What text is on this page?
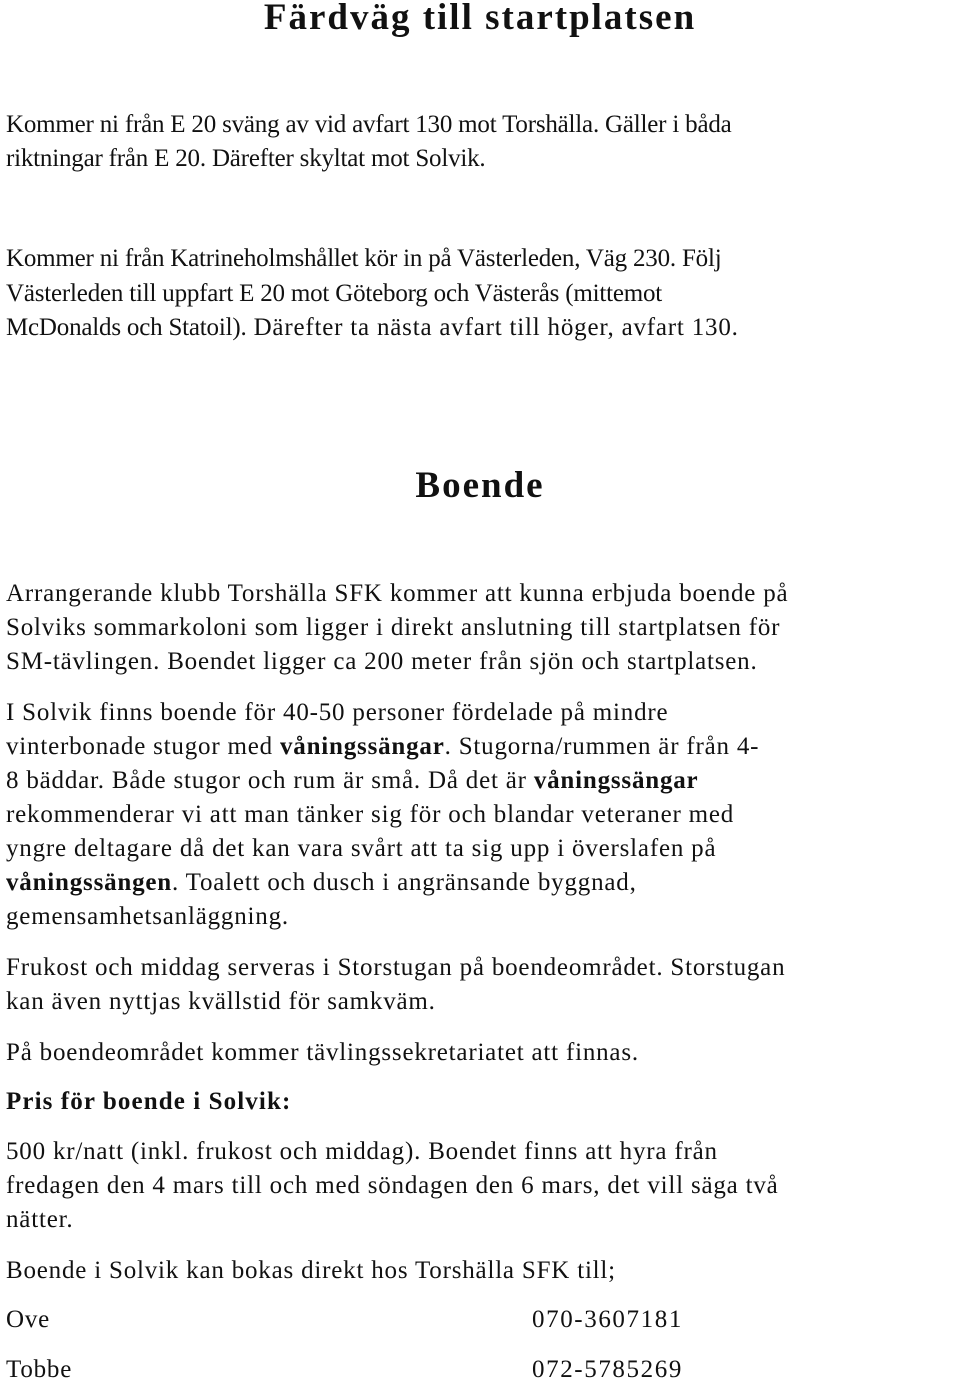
Färdväg till startplatsen
Kommer ni från E 20 sväng av vid avfart 130 mot Torshälla. Gäller i båda
riktningar från E 20. Därefter skyltat mot Solvik.
Kommer ni från Katrineholmshållet kör in på Västerleden, Väg 230. Följ
Västerleden till uppfart E 20 mot Göteborg och Västerås (mittemot
McDonalds och Statoil). Därefter ta nästa avfart till höger, avfart 130.
Boende
Arrangerande klubb Torshälla SFK kommer att kunna erbjuda boende på
Solviks sommarkoloni som ligger i direkt anslutning till startplatsen för
SM-tävlingen. Boendet ligger ca 200 meter från sjön och startplatsen.
I Solvik finns boende för 40-50 personer fördelade på mindre
vinterbonade stugor med våningssängar. Stugorna/rummen är från 4-
8 bäddar. Både stugor och rum är små. Då det är våningssängar
rekommenderar vi att man tänker sig för och blandar veteraner med
yngre deltagare då det kan vara svårt att ta sig upp i överslafen på
våningssängen. Toalett och dusch i angränsande byggnad,
gemensamhetsanläggning.
Frukost och middag serveras i Storstugan på boendeområdet. Storstugan
kan även nyttjas kvällstid för samkväm.
På boendeområdet kommer tävlingssekretariatet att finnas.
Pris för boende i Solvik:
500 kr/natt (inkl. frukost och middag). Boendet finns att hyra från
fredagen den 4 mars till och med söndagen den 6 mars, det vill säga två
nätter.
Boende i Solvik kan bokas direkt hos Torshälla SFK till;
Ove	070-3607181
Tobbe	072-5785269
